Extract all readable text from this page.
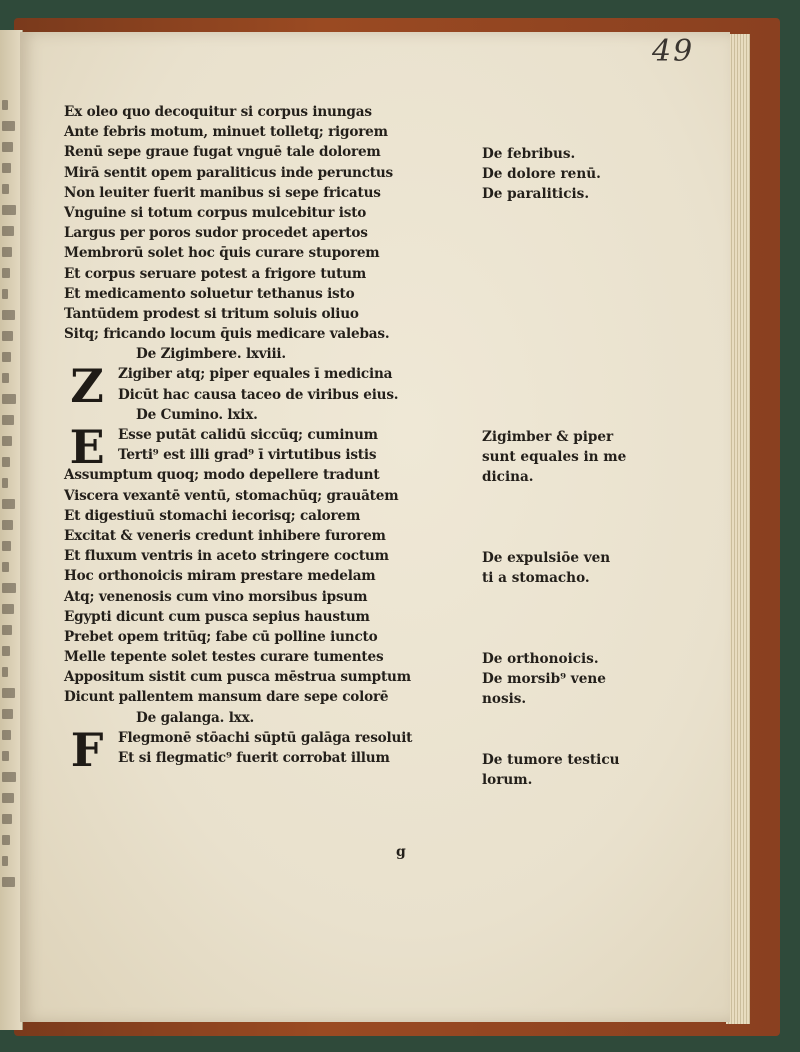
49
Ex oleo quo decoquitur si corpus inungas
Ante febris motum, minuet tolletq; rigorem
Renū sepe graue fugat vnguē tale dolorem
Mirā sentit opem paraliticus inde perunctus
Non leuiter fuerit manibus si sepe fricatus
Vnguine si totum corpus mulcebitur isto
Largus per poros sudor procedet apertos
Membrorū solet hoc q̄uis curare stuporem
Et corpus seruare potest a frigore tutum
Et medicamento soluetur tethanus isto
Tantūdem prodest si tritum soluis oliuo
Sitq; fricando locum q̄uis medicare valebas.
De Zigimbere. lxviii.
Z	Zigiber atq; piper equales ī medicina
Dicūt hac causa taceo de viribus eius.
De Cumino. lxix.
E Esse putāt calidū siccūq; cuminum
Terti⁹ est illi grad⁹ ī virtutibus istis
Assumptum quoq; modo depellere tradunt
Viscera vexantē ventū, stomachūq; grauātem
Et digestiuū stomachi iecorisq; calorem
Excitat & veneris credunt inhibere furorem
Et fluxum ventris in aceto stringere coctum
Hoc orthonoicis miram prestare medelam
Atq; venenosis cum vino morsibus ipsum
Egypti dicunt cum pusca sepius haustum
Prebet opem tritūq; fabe cū polline iuncto
Melle tepente solet testes curare tumentes
Appositum sistit cum pusca mēstrua sumptum
Dicunt pallentem mansum dare sepe colorē
De galanga. lxx.
F	Flegmonē stōachi sūptū galāga resoluit
Et si flegmatic⁹ fuerit corrobat illum
De febribus.
De dolore renū.
De paraliticis.
Zigimber & piper
sunt equales in me
dicina.
De expulsiōe ven
ti a stomacho.
De orthonoicis.
De morsib⁹ vene
nosis.
De tumore testicu
lorum.
g
